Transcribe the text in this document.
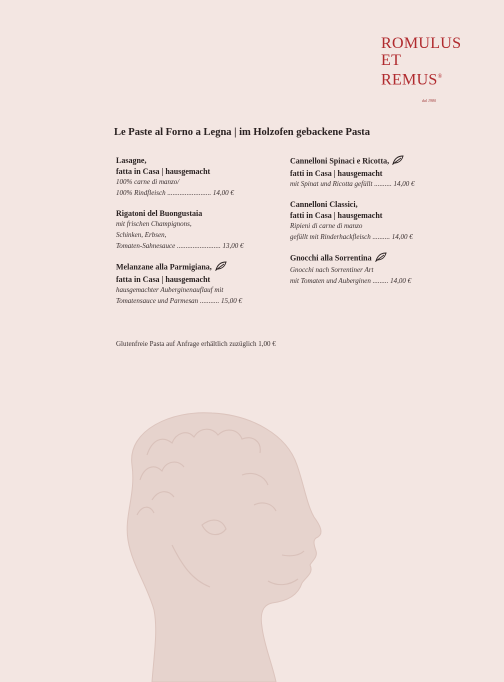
ROMULUS
ET
REMUS®
dal 1980
Le Paste al Forno a Legna | im Holzofen gebackene Pasta
Lasagne,
fatta in Casa | hausgemacht
100% carne di manzo/
100% Rindfleisch ......................... 14,00 €
Rigatoni del Buongustaia
mit frischen Champignons,
Schinken, Erbsen,
Tomaten-Sahnesauce ......................... 13,00 €
Melanzane alla Parmigiana,
fatta in Casa | hausgemacht
hausgemachter Auberginenauflauf mit
Tomatensauce und Parmesan ........... 15,00 €
Cannelloni Spinaci e Ricotta,
fatti in Casa | hausgemacht
mit Spinat und Ricotta gefüllt .......... 14,00 €
Cannelloni Classici,
fatti in Casa | hausgemacht
Ripieni di carne di manzo
gefüllt mit Rinderhackfleisch .......... 14,00 €
Gnocchi alla Sorrentina
Gnocchi nach Sorrentiner Art
mit Tomaten und Auberginen ......... 14,00 €
Glutenfreie Pasta auf Anfrage erhältlich zuzüglich 1,00 €
